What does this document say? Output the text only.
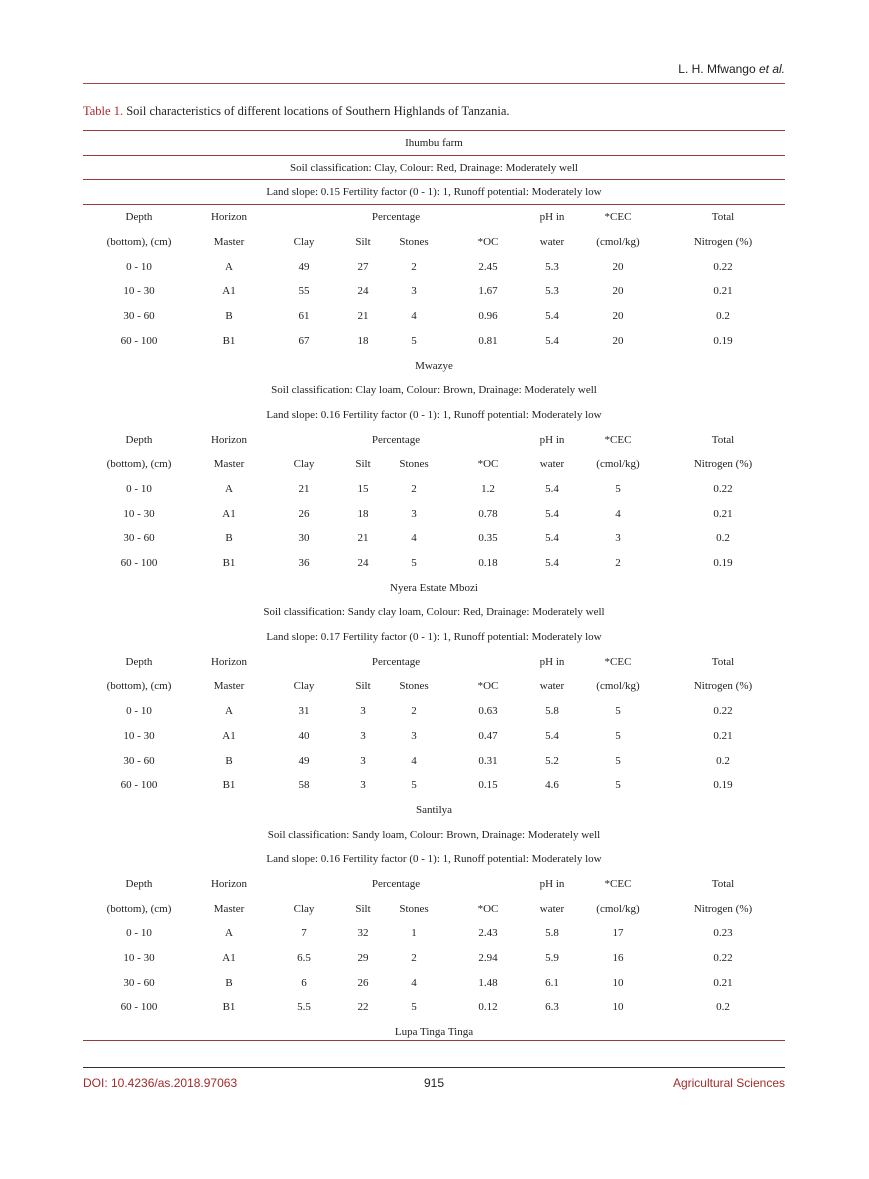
L. H. Mfwango et al.
Table 1. Soil characteristics of different locations of Southern Highlands of Tanzania.
Ihumbu farm
Soil classification: Clay, Colour: Red, Drainage: Moderately well
Land slope: 0.15 Fertility factor (0 - 1): 1, Runoff potential: Moderately low
Depth	Horizon	Percentage	pH in	*CEC	Total
(bottom), (cm)	Master	Clay	Silt	Stones	*OC	water	(cmol/kg)	Nitrogen (%)
0 - 10	A	49	27	2	2.45	5.3	20	0.22
10 - 30	A1	55	24	3	1.67	5.3	20	0.21
30 - 60	B	61	21	4	0.96	5.4	20	0.2
60 - 100	B1	67	18	5	0.81	5.4	20	0.19
Mwazye
Soil classification: Clay loam, Colour: Brown, Drainage: Moderately well
Land slope: 0.16 Fertility factor (0 - 1): 1, Runoff potential: Moderately low
Depth	Horizon	Percentage	pH in	*CEC	Total
(bottom), (cm)	Master	Clay	Silt	Stones	*OC	water	(cmol/kg)	Nitrogen (%)
0 - 10	A	21	15	2	1.2	5.4	5	0.22
10 - 30	A1	26	18	3	0.78	5.4	4	0.21
30 - 60	B	30	21	4	0.35	5.4	3	0.2
60 - 100	B1	36	24	5	0.18	5.4	2	0.19
Nyera Estate Mbozi
Soil classification: Sandy clay loam, Colour: Red, Drainage: Moderately well
Land slope: 0.17 Fertility factor (0 - 1): 1, Runoff potential: Moderately low
Depth	Horizon	Percentage	pH in	*CEC	Total
(bottom), (cm)	Master	Clay	Silt	Stones	*OC	water	(cmol/kg)	Nitrogen (%)
0 - 10	A	31	3	2	0.63	5.8	5	0.22
10 - 30	A1	40	3	3	0.47	5.4	5	0.21
30 - 60	B	49	3	4	0.31	5.2	5	0.2
60 - 100	B1	58	3	5	0.15	4.6	5	0.19
Santilya
Soil classification: Sandy loam, Colour: Brown, Drainage: Moderately well
Land slope: 0.16 Fertility factor (0 - 1): 1, Runoff potential: Moderately low
Depth	Horizon	Percentage	pH in	*CEC	Total
(bottom), (cm)	Master	Clay	Silt	Stones	*OC	water	(cmol/kg)	Nitrogen (%)
0 - 10	A	7	32	1	2.43	5.8	17	0.23
10 - 30	A1	6.5	29	2	2.94	5.9	16	0.22
30 - 60	B	6	26	4	1.48	6.1	10	0.21
60 - 100	B1	5.5	22	5	0.12	6.3	10	0.2
Lupa Tinga Tinga
DOI: 10.4236/as.2018.97063	915	Agricultural Sciences
